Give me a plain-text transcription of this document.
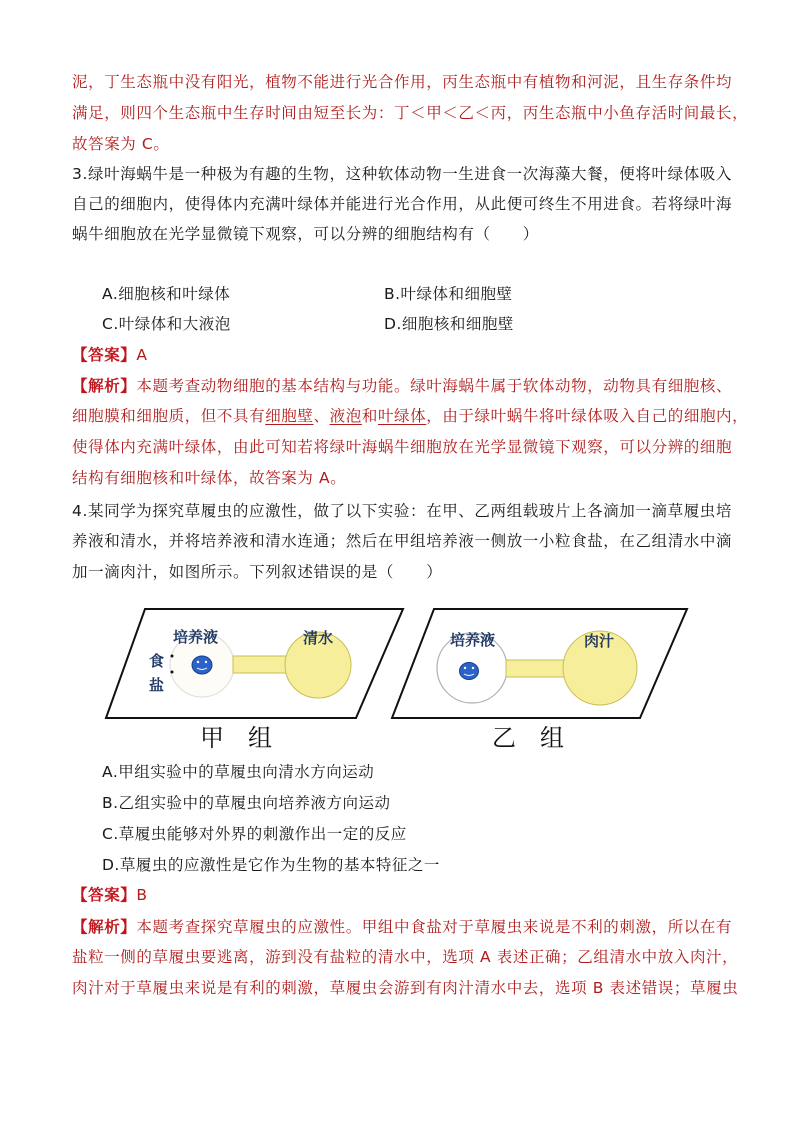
泥，丁生态瓶中没有阳光，植物不能进行光合作用，丙生态瓶中有植物和河泥，且生存条件均
满足，则四个生态瓶中生存时间由短至长为：丁＜甲＜乙＜丙，丙生态瓶中小鱼存活时间最长，
故答案为 C。
3.绿叶海蜗牛是一种极为有趣的生物，这种软体动物一生进食一次海藻大餐，便将叶绿体吸入
自己的细胞内，使得体内充满叶绿体并能进行光合作用，从此便可终生不用进食。若将绿叶海
蜗牛细胞放在光学显微镜下观察，可以分辨的细胞结构有（　　）
A.细胞核和叶绿体	B.叶绿体和细胞壁
C.叶绿体和大液泡	D.细胞核和细胞壁
【答案】A
【解析】本题考查动物细胞的基本结构与功能。绿叶海蜗牛属于软体动物，动物具有细胞核、
细胞膜和细胞质，但不具有细胞壁、液泡和叶绿体，由于绿叶蜗牛将叶绿体吸入自己的细胞内，
使得体内充满叶绿体，由此可知若将绿叶海蜗牛细胞放在光学显微镜下观察，可以分辨的细胞
结构有细胞核和叶绿体，故答案为 A。
4.某同学为探究草履虫的应激性，做了以下实验：在甲、乙两组载玻片上各滴加一滴草履虫培
养液和清水，并将培养液和清水连通；然后在甲组培养液一侧放一小粒食盐，在乙组清水中滴
加一滴肉汁，如图所示。下列叙述错误的是（　　）
培养液	清水
食
盐
甲　组
培养液	肉汁
乙　组
A.甲组实验中的草履虫向清水方向运动
B.乙组实验中的草履虫向培养液方向运动
C.草履虫能够对外界的刺激作出一定的反应
D.草履虫的应激性是它作为生物的基本特征之一
【答案】B
【解析】本题考查探究草履虫的应激性。甲组中食盐对于草履虫来说是不利的刺激，所以在有
盐粒一侧的草履虫要逃离，游到没有盐粒的清水中，选项 A 表述正确；乙组清水中放入肉汁，
肉汁对于草履虫来说是有利的刺激，草履虫会游到有肉汁清水中去，选项 B 表述错误；草履虫
